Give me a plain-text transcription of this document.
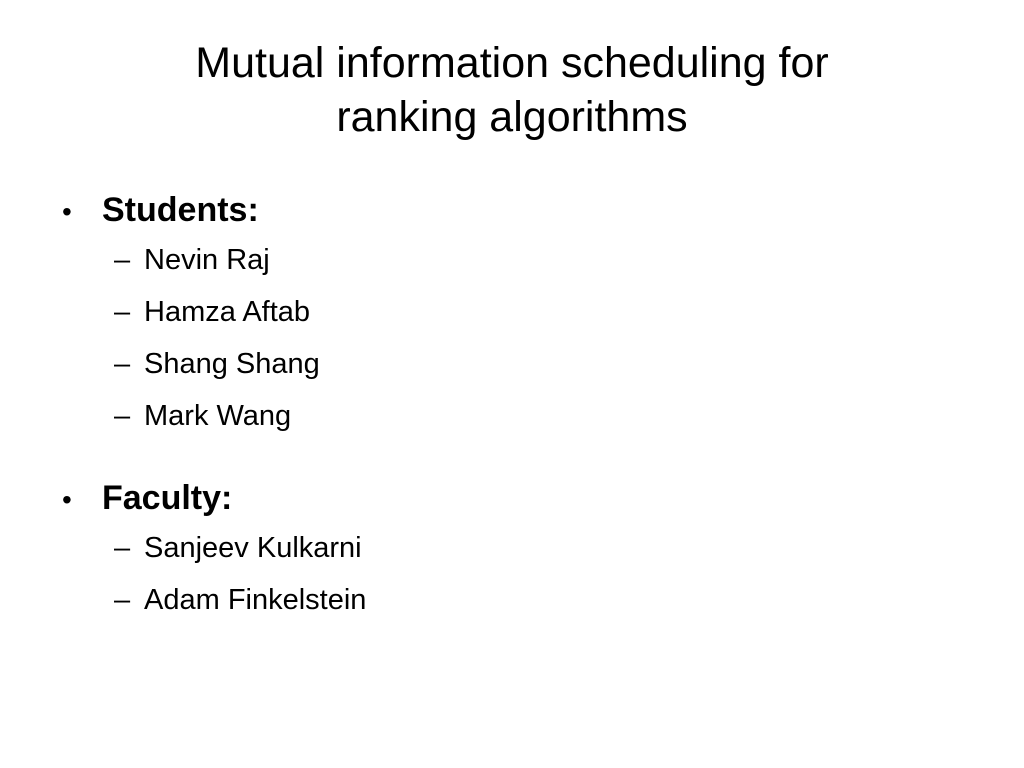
Mutual information scheduling for
ranking algorithms
• Students:
– Nevin Raj
– Hamza Aftab
– Shang Shang
– Mark Wang
• Faculty:
– Sanjeev Kulkarni
– Adam Finkelstein
